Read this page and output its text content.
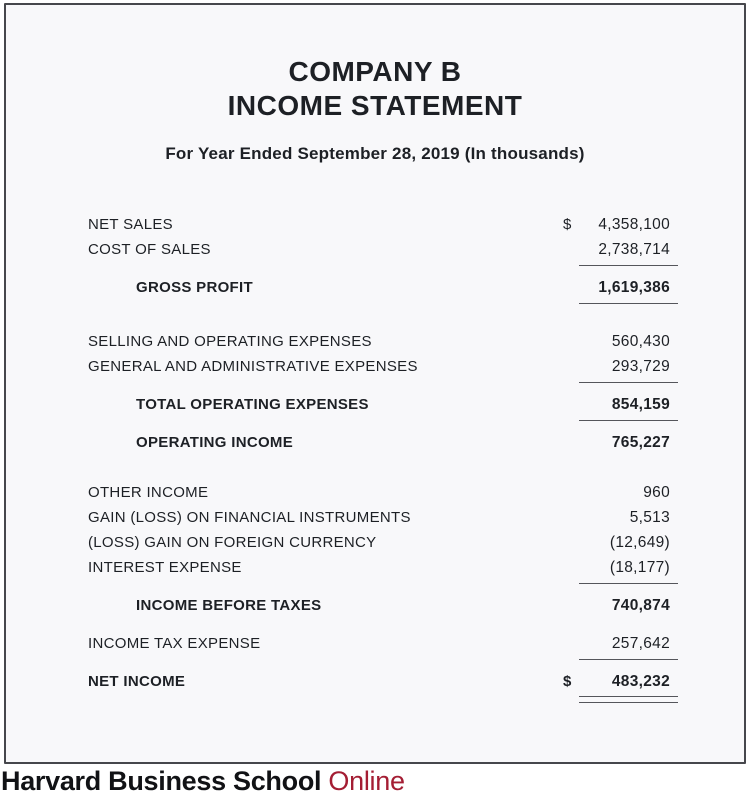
COMPANY B
INCOME STATEMENT
For Year Ended September 28, 2019 (In thousands)
NET SALES	$	4,358,100
COST OF SALES	2,738,714
GROSS PROFIT	1,619,386
SELLING AND OPERATING EXPENSES	560,430
GENERAL AND ADMINISTRATIVE EXPENSES	293,729
TOTAL OPERATING EXPENSES	854,159
OPERATING INCOME	765,227
OTHER INCOME	960
GAIN (LOSS) ON FINANCIAL INSTRUMENTS	5,513
(LOSS) GAIN ON FOREIGN CURRENCY	(12,649)
INTEREST EXPENSE	(18,177)
INCOME BEFORE TAXES	740,874
INCOME TAX EXPENSE	257,642
NET INCOME	$	483,232
Harvard Business School
Online
